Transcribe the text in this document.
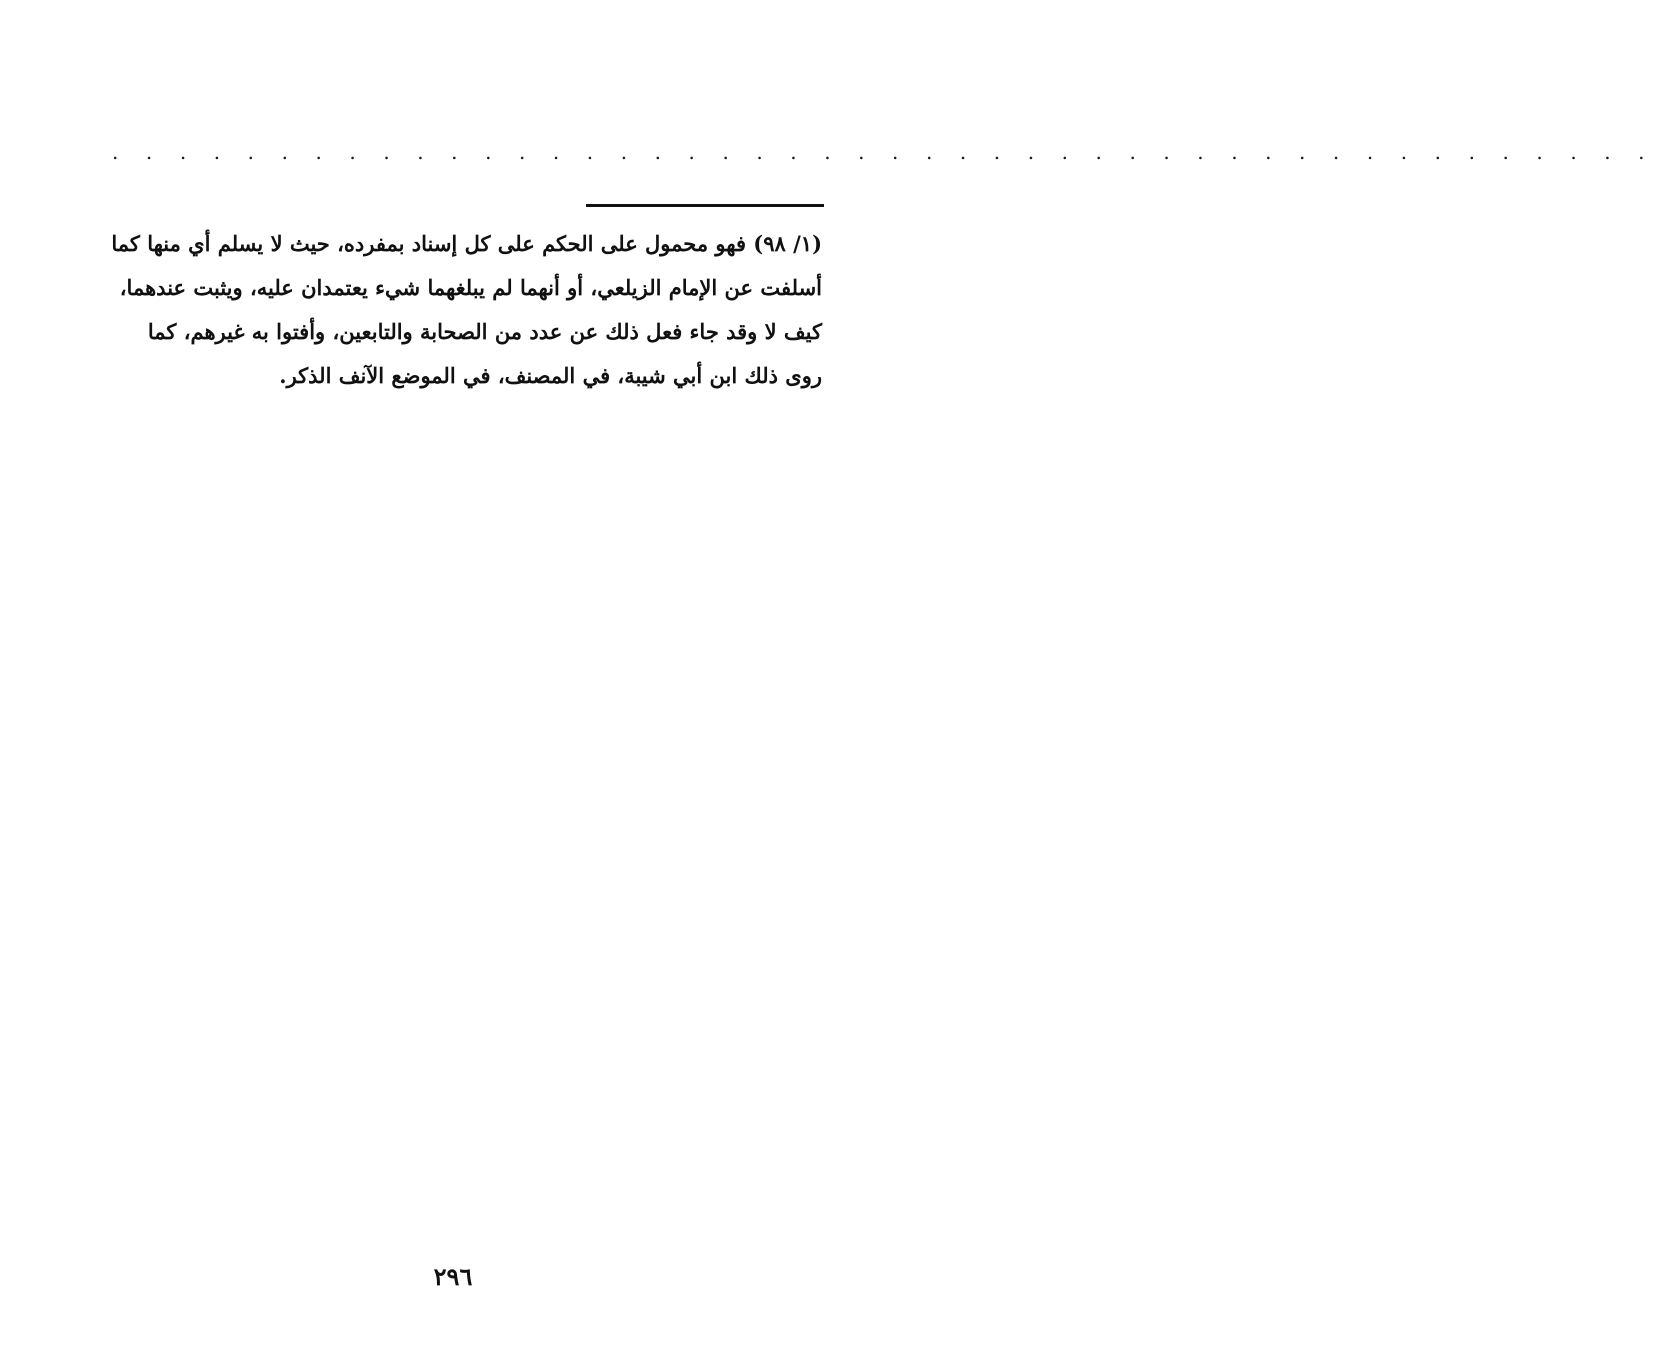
. . . . . . . . . . . . . . . . . . . . . . . . . . . . . . . . . . . . . . . . . . . . . .
(١/ ٩٨) فهو محمول على الحكم على كل إسناد بمفرده، حيث لا يسلم أي منها كما
أسلفت عن الإمام الزيلعي، أو أنهما لم يبلغهما شيء يعتمدان عليه، ويثبت عندهما،
كيف لا وقد جاء فعل ذلك عن عدد من الصحابة والتابعين، وأفتوا به غيرهم، كما
روى ذلك ابن أبي شيبة، في المصنف، في الموضع الآنف الذكر.
٢٩٦
